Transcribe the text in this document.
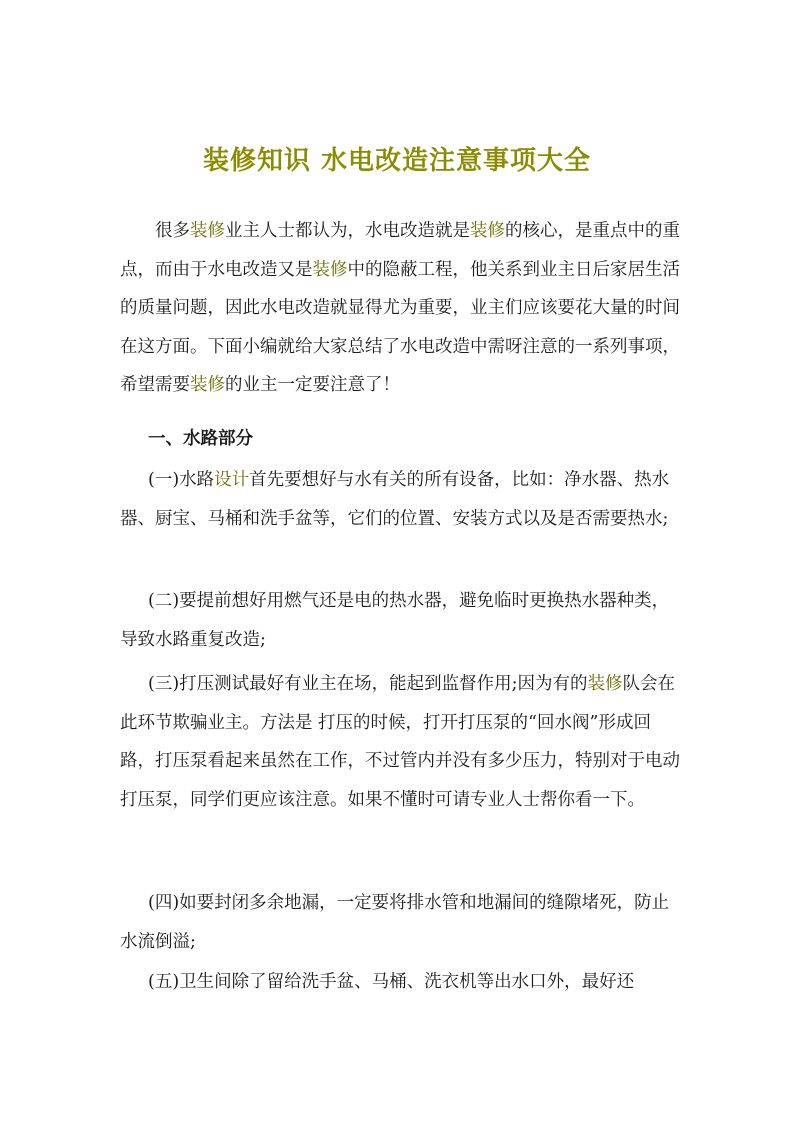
装修知识 水电改造注意事项大全

很多装修业主人士都认为，水电改造就是装修的核心，是重点中的重点，而由于水电改造又是装修中的隐蔽工程，他关系到业主日后家居生活的质量问题，因此水电改造就显得尤为重要，业主们应该要花大量的时间在这方面。下面小编就给大家总结了水电改造中需呀注意的一系列事项，希望需要装修的业主一定要注意了！

一、水路部分

(一)水路设计首先要想好与水有关的所有设备，比如：净水器、热水器、厨宝、马桶和洗手盆等，它们的位置、安装方式以及是否需要热水;

(二)要提前想好用燃气还是电的热水器，避免临时更换热水器种类，导致水路重复改造;

(三)打压测试最好有业主在场，能起到监督作用;因为有的装修队会在此环节欺骗业主。方法是 打压的时候，打开打压泵的“回水阀”形成回路，打压泵看起来虽然在工作，不过管内并没有多少压力，特别对于电动打压泵，同学们更应该注意。如果不懂时可请专业人士帮你看一下。

(四)如要封闭多余地漏，一定要将排水管和地漏间的缝隙堵死，防止水流倒溢;

(五)卫生间除了留给洗手盆、马桶、洗衣机等出水口外，最好还
